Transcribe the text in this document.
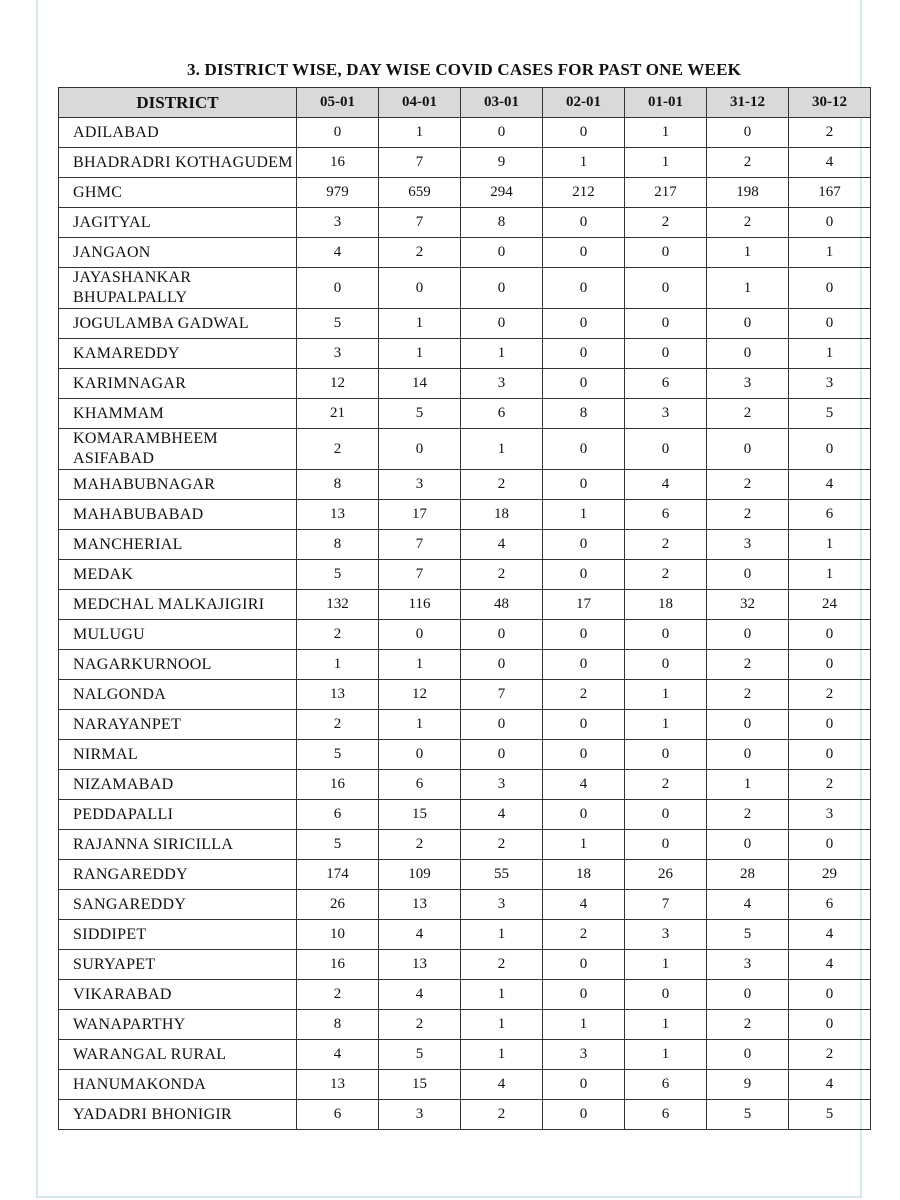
3. DISTRICT WISE, DAY WISE COVID CASES FOR PAST ONE WEEK
DISTRICT	05-01	04-01	03-01	02-01	01-01	31-12	30-12
ADILABAD	0	1	0	0	1	0	2
BHADRADRI KOTHAGUDEM	16	7	9	1	1	2	4
GHMC	979	659	294	212	217	198	167
JAGITYAL	3	7	8	0	2	2	0
JANGAON	4	2	0	0	0	1	1
JAYASHANKAR BHUPALPALLY	0	0	0	0	0	1	0
JOGULAMBA GADWAL	5	1	0	0	0	0	0
KAMAREDDY	3	1	1	0	0	0	1
KARIMNAGAR	12	14	3	0	6	3	3
KHAMMAM	21	5	6	8	3	2	5
KOMARAMBHEEM ASIFABAD	2	0	1	0	0	0	0
MAHABUBNAGAR	8	3	2	0	4	2	4
MAHABUBABAD	13	17	18	1	6	2	6
MANCHERIAL	8	7	4	0	2	3	1
MEDAK	5	7	2	0	2	0	1
MEDCHAL MALKAJIGIRI	132	116	48	17	18	32	24
MULUGU	2	0	0	0	0	0	0
NAGARKURNOOL	1	1	0	0	0	2	0
NALGONDA	13	12	7	2	1	2	2
NARAYANPET	2	1	0	0	1	0	0
NIRMAL	5	0	0	0	0	0	0
NIZAMABAD	16	6	3	4	2	1	2
PEDDAPALLI	6	15	4	0	0	2	3
RAJANNA SIRICILLA	5	2	2	1	0	0	0
RANGAREDDY	174	109	55	18	26	28	29
SANGAREDDY	26	13	3	4	7	4	6
SIDDIPET	10	4	1	2	3	5	4
SURYAPET	16	13	2	0	1	3	4
VIKARABAD	2	4	1	0	0	0	0
WANAPARTHY	8	2	1	1	1	2	0
WARANGAL RURAL	4	5	1	3	1	0	2
HANUMAKONDA	13	15	4	0	6	9	4
YADADRI BHONIGIR	6	3	2	0	6	5	5
